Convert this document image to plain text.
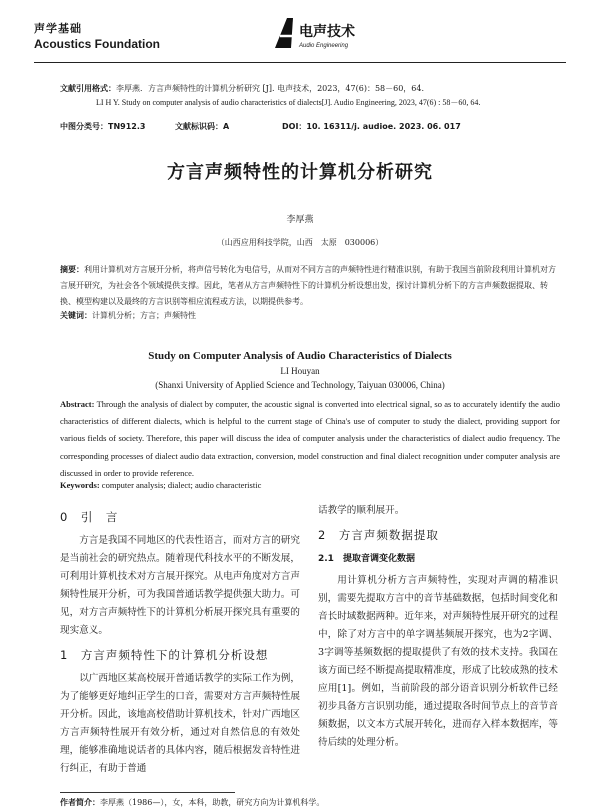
声学基础
Acoustics Foundation
电声技术
Audio Engineering
文献引用格式：李厚燕．方言声频特性的计算机分析研究 [J]. 电声技术，2023，47(6)：58－60，64.
LI H Y. Study on computer analysis of audio characteristics of dialects[J]. Audio Engineering, 2023, 47(6) : 58－60, 64.
中图分类号：TN912.3	文献标识码：A	DOI：10. 16311/j. audioe. 2023. 06. 017
方言声频特性的计算机分析研究
李厚燕
（山西应用科技学院，山西　太原　030006）
摘要：利用计算机对方言展开分析，将声信号转化为电信号，从而对不同方言的声频特性进行精准识别，有助于我国当前阶段利用计算机对方言展开研究，为社会各个领域提供支撑。因此，笔者从方言声频特性下的计算机分析设想出发，探讨计算机分析下的方言声频数据提取、转换、模型构建以及最终的方言识别等相应流程或方法，以期提供参考。
关键词：计算机分析；方言；声频特性
Study on Computer Analysis of Audio Characteristics of Dialects
LI Houyan
(Shanxi University of Applied Science and Technology, Taiyuan 030006, China)
Abstract: Through the analysis of dialect by computer, the acoustic signal is converted into electrical signal, so as to accurately identify the audio characteristics of different dialects, which is helpful to the current stage of China's use of computer to study the dialect, providing support for various fields of society. Therefore, this paper will discuss the idea of computer analysis under the characteristics of dialect audio frequency. The corresponding processes of dialect audio data extraction, conversion, model construction and final dialect recognition under computer analysis are discussed in order to provide reference.
Keywords: computer analysis; dialect; audio characteristic
0　引　言

方言是我国不同地区的代表性语言，而对方言的研究是当前社会的研究热点。随着现代科技水平的不断发展，可利用计算机技术对方言展开探究。从电声角度对方言声频特性展开分析，可为我国普通话教学提供强大助力。可见，对方言声频特性下的计算机分析展开探究具有重要的现实意义。

1　方言声频特性下的计算机分析设想

以广西地区某高校展开普通话教学的实际工作为例，为了能够更好地纠正学生的口音，需要对方言声频特性展开分析。因此，该地高校借助计算机技术，针对广西地区方言声频特性展开有效分析，通过对自然信息的有效处理，能够准确地说话者的具体内容，随后根据发音特性进行纠正，有助于普通

话教学的顺利展开。

2　方言声频数据提取
2.1　提取音调变化数据

用计算机分析方言声频特性，实现对声调的精准识别，需要先提取方言中的音节基础数据，包括时间变化和音长时域数据两种。近年来，对声频特性展开研究的过程中，除了对方言中的单字调基频展开探究，也为2字调、3字调等基频数据的提取提供了有效的技术支持。我国在该方面已经不断提高提取精准度，形成了比较成熟的技术应用[1]。例如，当前阶段的部分语音识别分析软件已经初步具备方言识别功能，通过提取各时间节点上的音节音频数据，以文本方式展开转化，进而存入样本数据库，等待后续的处理分析。

作者简介：李厚燕（1986—），女，本科，助教，研究方向为计算机科学。
